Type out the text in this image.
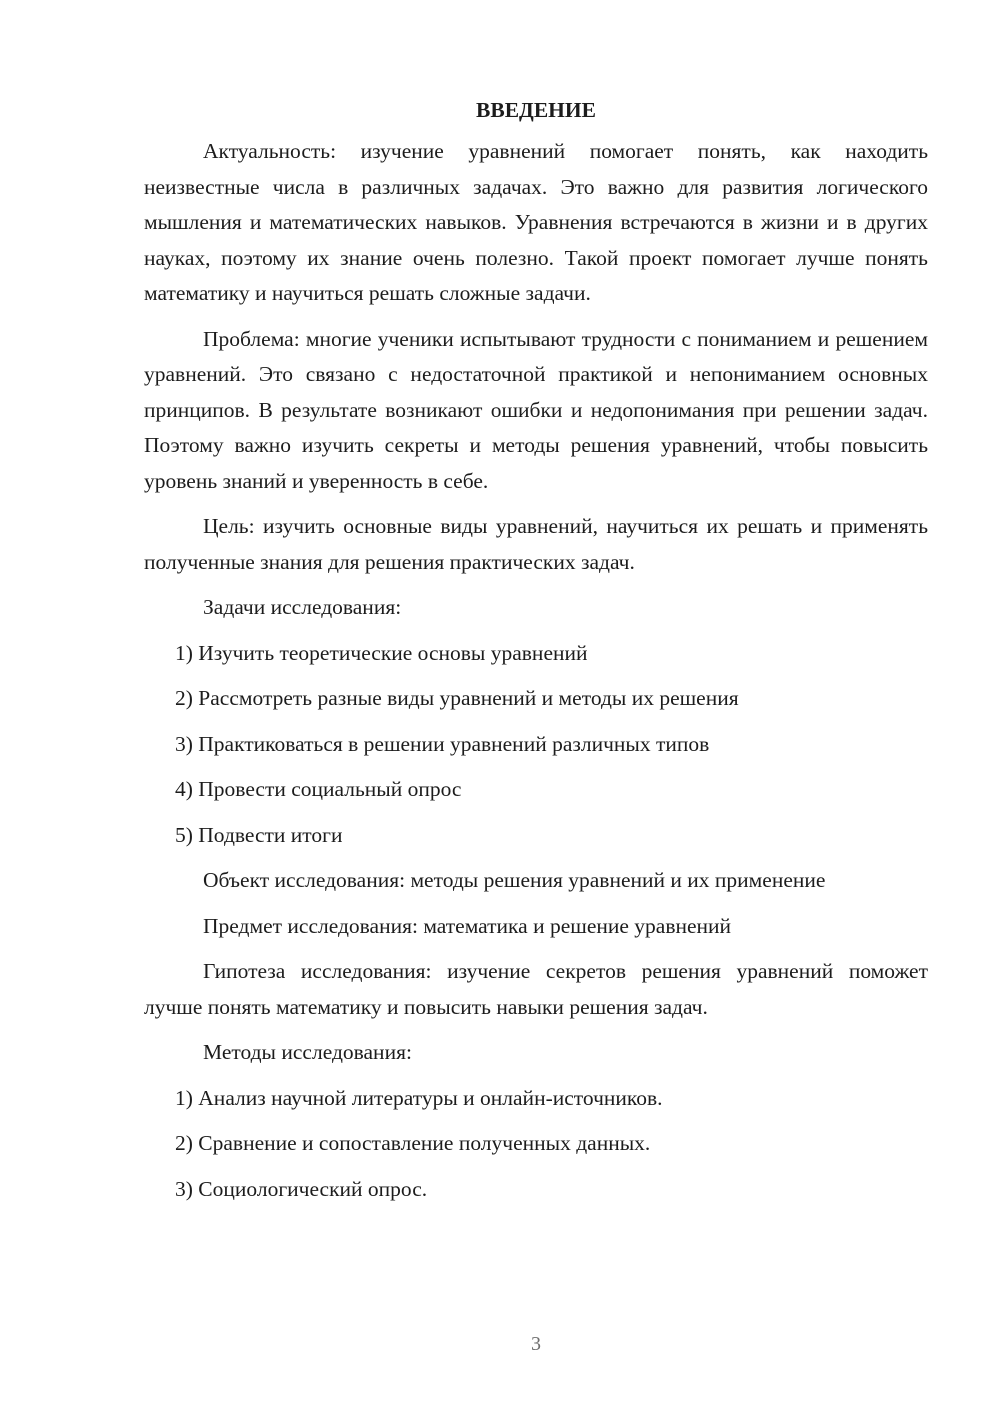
ВВЕДЕНИЕ

Актуальность: изучение уравнений помогает понять, как находить неизвестные числа в различных задачах. Это важно для развития логического мышления и математических навыков. Уравнения встречаются в жизни и в других науках, поэтому их знание очень полезно. Такой проект помогает лучше понять математику и научиться решать сложные задачи.

Проблема: многие ученики испытывают трудности с пониманием и решением уравнений. Это связано с недостаточной практикой и непониманием основных принципов. В результате возникают ошибки и недопонимания при решении задач. Поэтому важно изучить секреты и методы решения уравнений, чтобы повысить уровень знаний и уверенность в себе.

Цель: изучить основные виды уравнений, научиться их решать и применять полученные знания для решения практических задач.

Задачи исследования:

1) Изучить теоретические основы уравнений
2) Рассмотреть разные виды уравнений и методы их решения
3) Практиковаться в решении уравнений различных типов
4) Провести социальный опрос
5) Подвести итоги

Объект исследования: методы решения уравнений и их применение

Предмет исследования: математика и решение уравнений

Гипотеза исследования: изучение секретов решения уравнений поможет лучше понять математику и повысить навыки решения задач.

Методы исследования:

1) Анализ научной литературы и онлайн-источников.
2) Сравнение и сопоставление полученных данных.
3) Социологический опрос.
3
